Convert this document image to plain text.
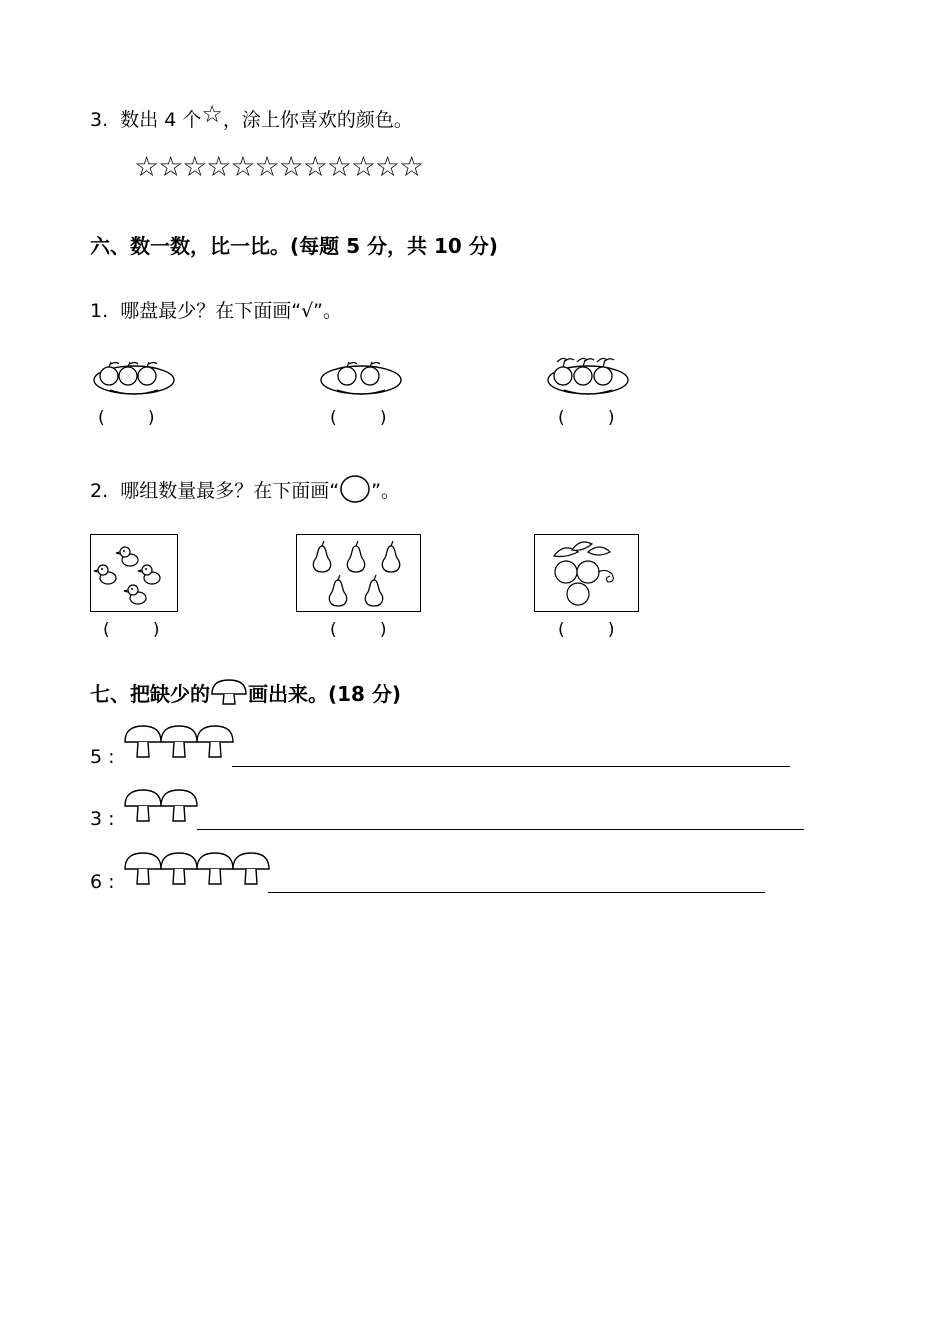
3. 数出 4 个☆，涂上你喜欢的颜色。
☆☆☆☆☆☆☆☆☆☆☆☆
六、数一数，比一比。(每题 5 分，共 10 分)
1. 哪盘最少？在下面画“√”。
(        )	(        )	(        )
2. 哪组数量最多？在下面画“ ”。
(        )	(        )	(        )
七、把缺少的 画出来。(18 分)
5 :
3 :
6 :
